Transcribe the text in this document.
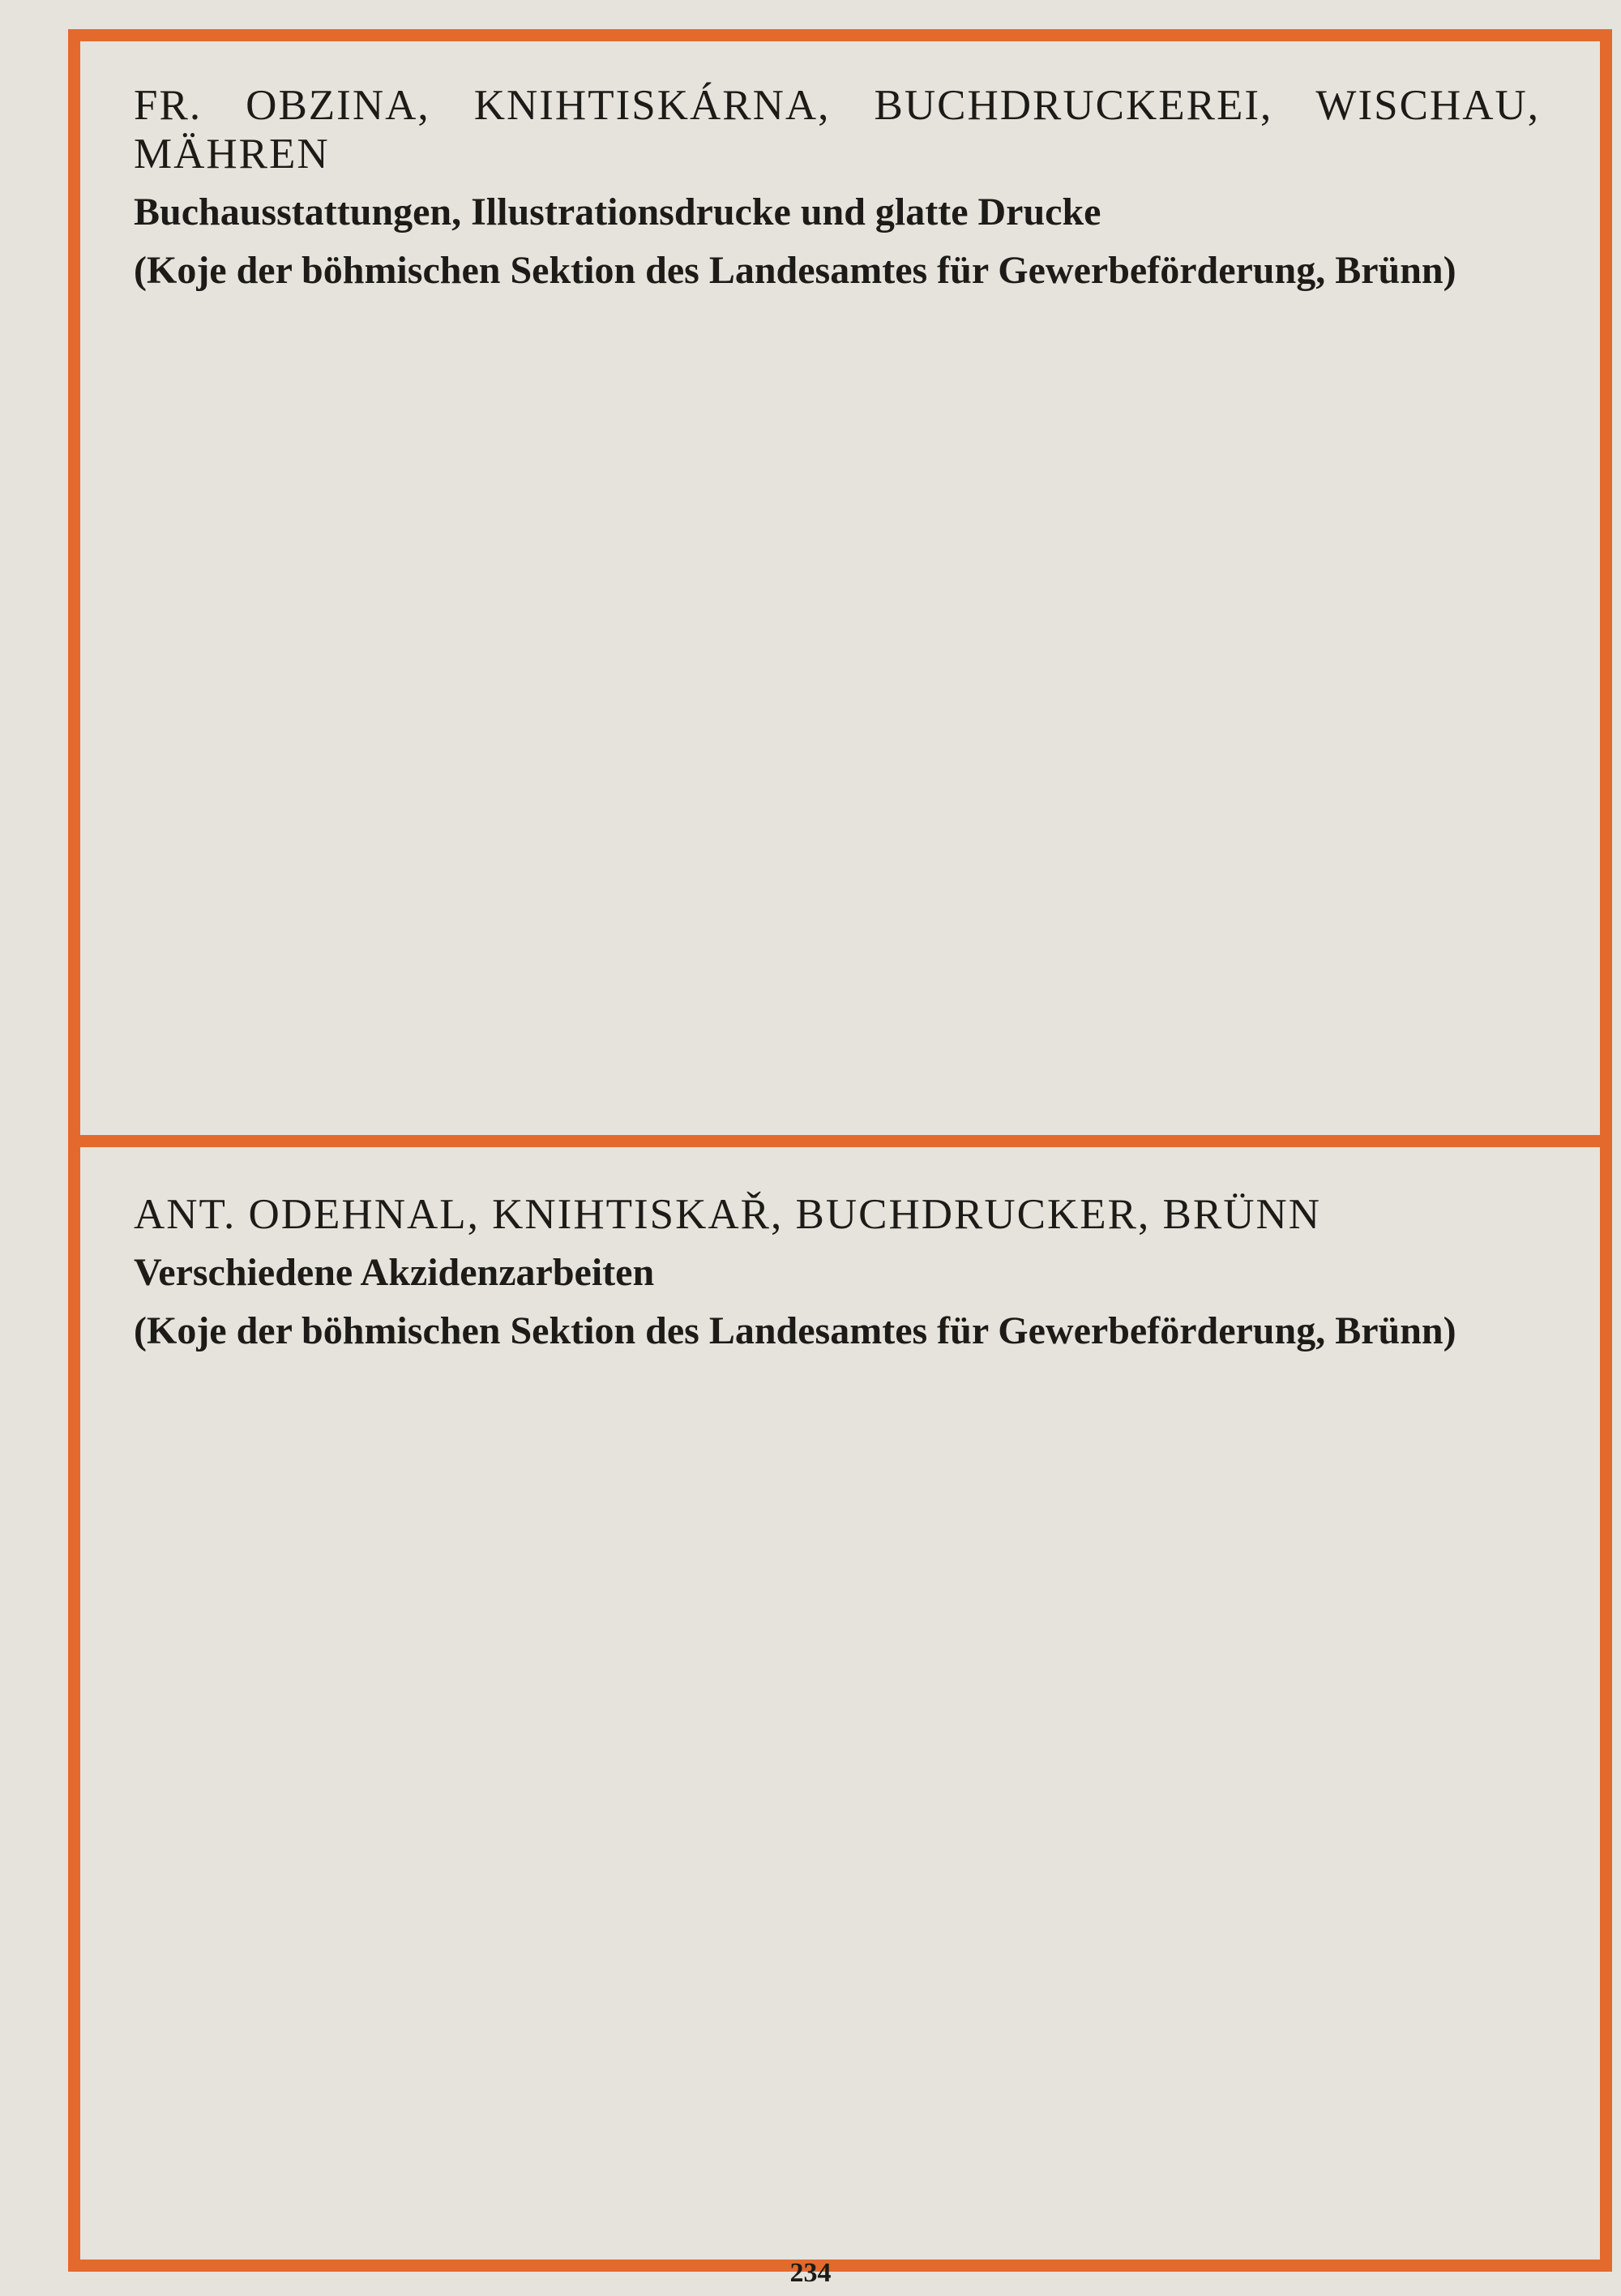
FR. OBZINA, KNIHTISKÁRNA, BUCHDRUCKEREI, WISCHAU, MÄHREN

Buchausstattungen, Illustrationsdrucke und glatte Drucke

(Koje der böhmischen Sektion des Landesamtes für Gewerbeförderung, Brünn)

ANT. ODEHNAL, KNIHTISKAŘ, BUCHDRUCKER, BRÜNN

Verschiedene Akzidenzarbeiten

(Koje der böhmischen Sektion des Landesamtes für Gewerbeförderung, Brünn)

234
